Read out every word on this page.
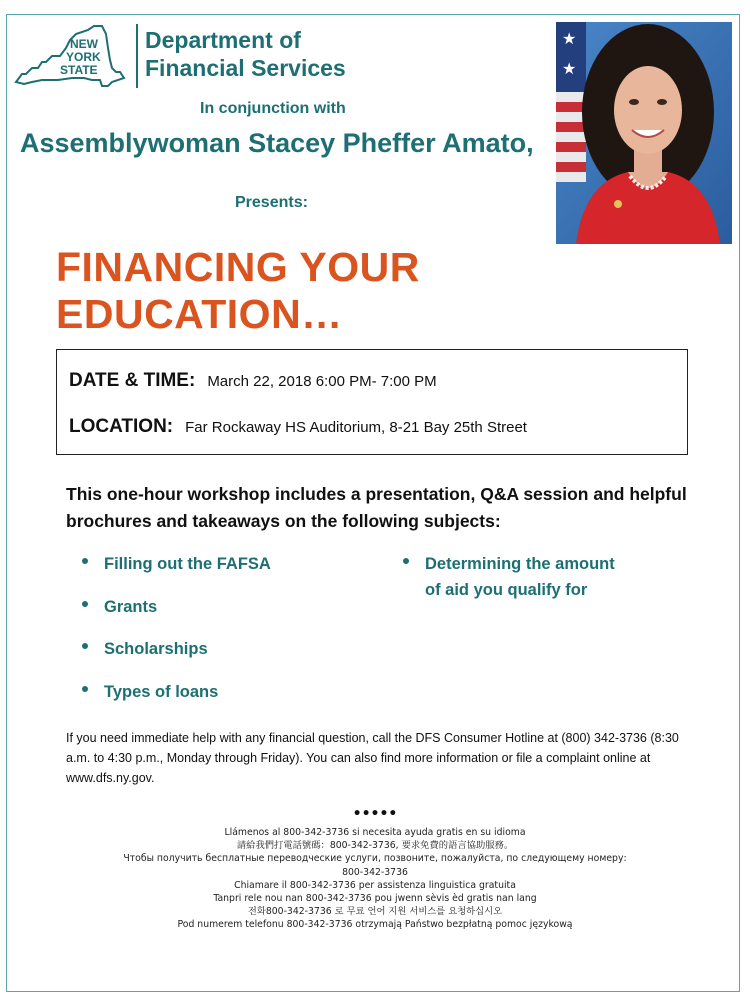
NEW
YORK
STATE
Department of
Financial Services
In conjunction with
Assemblywoman Stacey Pheffer Amato,
Presents:
★
★
FINANCING YOUR
EDUCATION…
DATE & TIME: March 22, 2018 6:00 PM- 7:00 PM
LOCATION: Far Rockaway HS Auditorium, 8-21 Bay 25th Street
This one-hour workshop includes a presentation, Q&A session and helpful brochures and takeaways on the following subjects:
Filling out the FAFSA
Grants
Scholarships
Types of loans
Determining the amount
of aid you qualify for
If you need immediate help with any financial question, call the DFS Consumer Hotline at (800) 342-3736 (8:30 a.m. to 4:30 p.m., Monday through Friday). You can also find more information or file a complaint online at www.dfs.ny.gov.
•••••
Llámenos al 800-342-3736 si necesita ayuda gratis en su idioma
請給我們打電話號碼：800-342-3736, 要求免費的語言協助服務。
Чтобы получить бесплатные переводческие услуги, позвоните, пожалуйста, по следующему номеру:
800-342-3736
Chiamare il 800-342-3736 per assistenza linguistica gratuita
Tanpri rele nou nan 800-342-3736 pou jwenn sèvis èd gratis nan lang
전화800-342-3736 로 무료 언어 지원 서비스를 요청하십시오
Pod numerem telefonu 800-342-3736 otrzymają Państwo bezpłatną pomoc językową
